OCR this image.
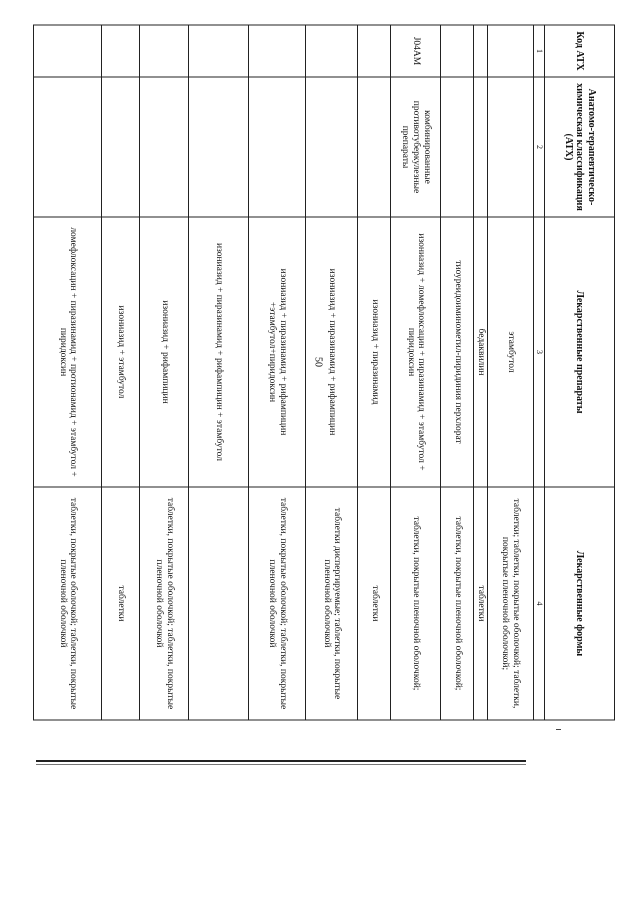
50
Код АТХ	Анатомо-терапевтическо-химическая классификация (АТХ)	Лекарственные препараты	Лекарственные формы
1	2	3	4
		этамбутол	таблетки; таблетки, покрытые оболочкой; таблетки, покрытые пленочной оболочкой;
		бедаквилин	таблетки
		тиоуреидоиминометил-пиридиния перхлорат	таблетки, покрытые пленочной оболочкой;
J04AM	комбинированные противотуберкулезные препараты	изониазид + ломефлоксацин + пиразинамид + этамбутол + пиридоксин	таблетки, покрытые пленочной оболочкой;
		изониазид + пиразинамид	таблетки
		изониазид + пиразинамид + рифампицин	таблетки диспергируемые; таблетки, покрытые пленочной оболочкой
		изониазид + пиразинамид + рифампицин +этамбутол+пиридоксин	таблетки, покрытые оболочкой; таблетки, покрытые пленочной оболочкой
		изониазид + пиразинамид + рифампицин + этамбутол	
		изониазид + рифампицин	таблетки, покрытые оболочкой; таблетки, покрытые пленочной оболочкой
		изониазид + этамбутол	таблетки
		ломефлоксацин + пиразинамид + протионамид + этамбутол + пиридоксин	таблетки, покрытые оболочкой; таблетки, покрытые пленочной оболочкой
